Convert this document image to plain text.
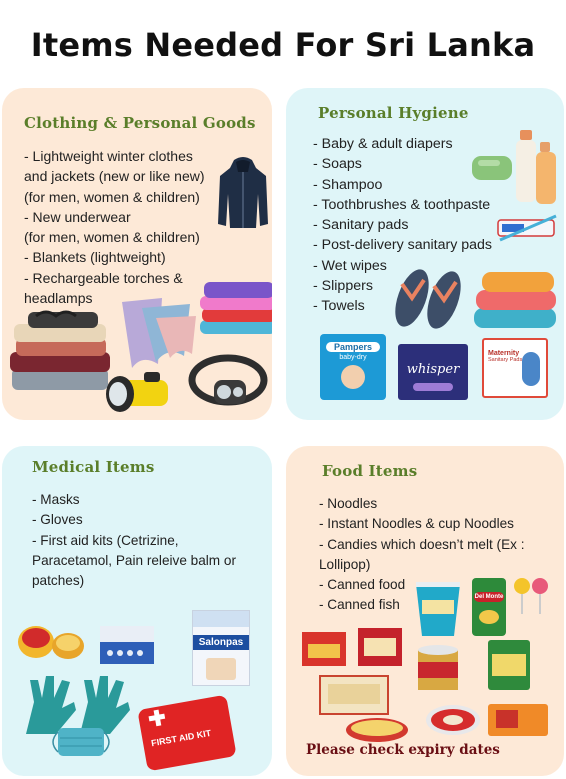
Items Needed For Sri Lanka
Clothing & Personal Goods
- Lightweight winter clothes
and jackets (new or like new)
(for men, women & children)
- New underwear
(for men, women & children)
- Blankets (lightweight)
- Rechargeable torches &
headlamps
Personal Hygiene
- Baby & adult diapers
- Soaps
- Shampoo
- Toothbrushes & toothpaste
- Sanitary pads
- Post-delivery sanitary pads
- Wet wipes
- Slippers
- Towels
Pampers
baby-dry
whisper
Maternity
Sanitary Pads
Medical Items
- Masks
- Gloves
- First aid kits (Cetrizine,
Paracetamol, Pain releive balm or
patches)
Salonpas
FIRST AID KIT
Food Items
- Noodles
- Instant Noodles & cup Noodles
- Candies which doesn’t melt (Ex :
Lollipop)
- Canned food
- Canned fish
Del Monte
Please check expiry dates
